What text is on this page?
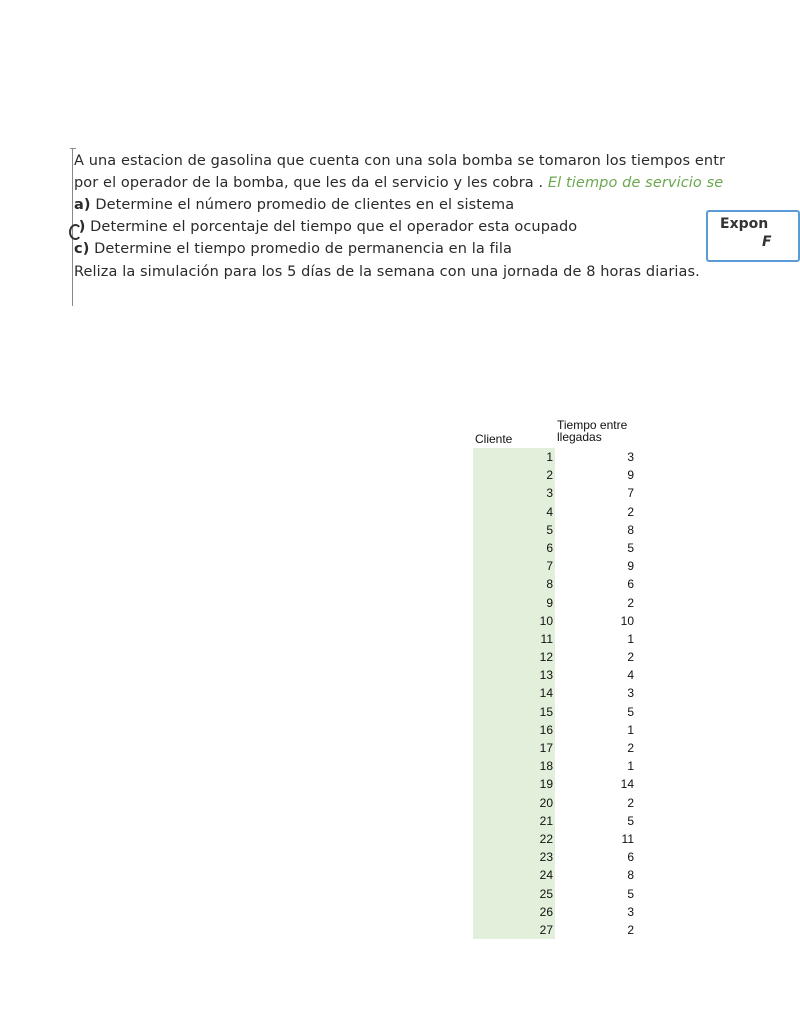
A una estacion de gasolina que cuenta con una sola bomba se tomaron los tiempos entr
por el operador de la bomba, que les da el servicio y les cobra . El tiempo de servicio se
a) Determine el número promedio de clientes en el sistema
) Determine el porcentaje del tiempo que el operador esta ocupado
c) Determine el tiempo promedio de permanencia en la fila
Reliza la simulación para los 5 días de la semana con una jornada de 8 horas diarias.
Expon
F
Cliente
Tiempo entre llegadas
1	3
2	9
3	7
4	2
5	8
6	5
7	9
8	6
9	2
10	10
11	1
12	2
13	4
14	3
15	5
16	1
17	2
18	1
19	14
20	2
21	5
22	11
23	6
24	8
25	5
26	3
27	2
